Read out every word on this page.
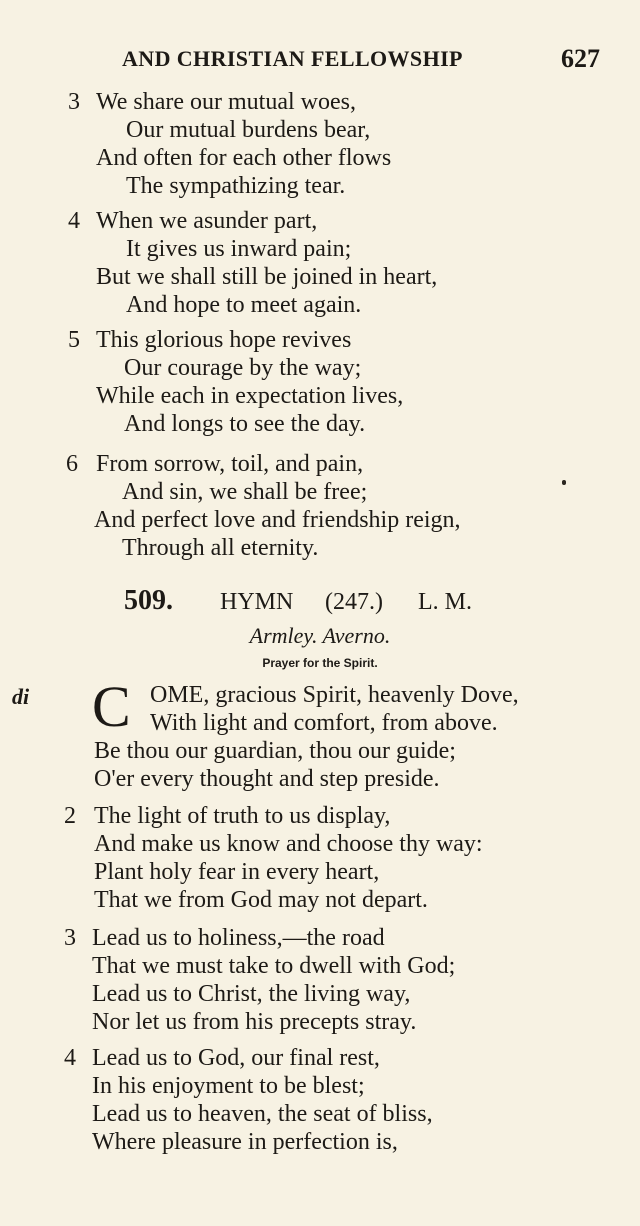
AND CHRISTIAN FELLOWSHIP	627
3 We share our mutual woes,
Our mutual burdens bear,
And often for each other flows
The sympathizing tear.
4 When we asunder part,
It gives us inward pain;
But we shall still be joined in heart,
And hope to meet again.
5 This glorious hope revives
Our courage by the way;
While each in expectation lives,
And longs to see the day.
6 From sorrow, toil, and pain,
And sin, we shall be free;
And perfect love and friendship reign,
Through all eternity.
509. HYMN (247.) L. M.
Armley. Averno.
Prayer for the Spirit.
di C OME, gracious Spirit, heavenly Dove,
With light and comfort, from above.
Be thou our guardian, thou our guide;
O'er every thought and step preside.
2 The light of truth to us display,
And make us know and choose thy way:
Plant holy fear in every heart,
That we from God may not depart.
3 Lead us to holiness,—the road
That we must take to dwell with God;
Lead us to Christ, the living way,
Nor let us from his precepts stray.
4 Lead us to God, our final rest,
In his enjoyment to be blest;
Lead us to heaven, the seat of bliss,
Where pleasure in perfection is,
